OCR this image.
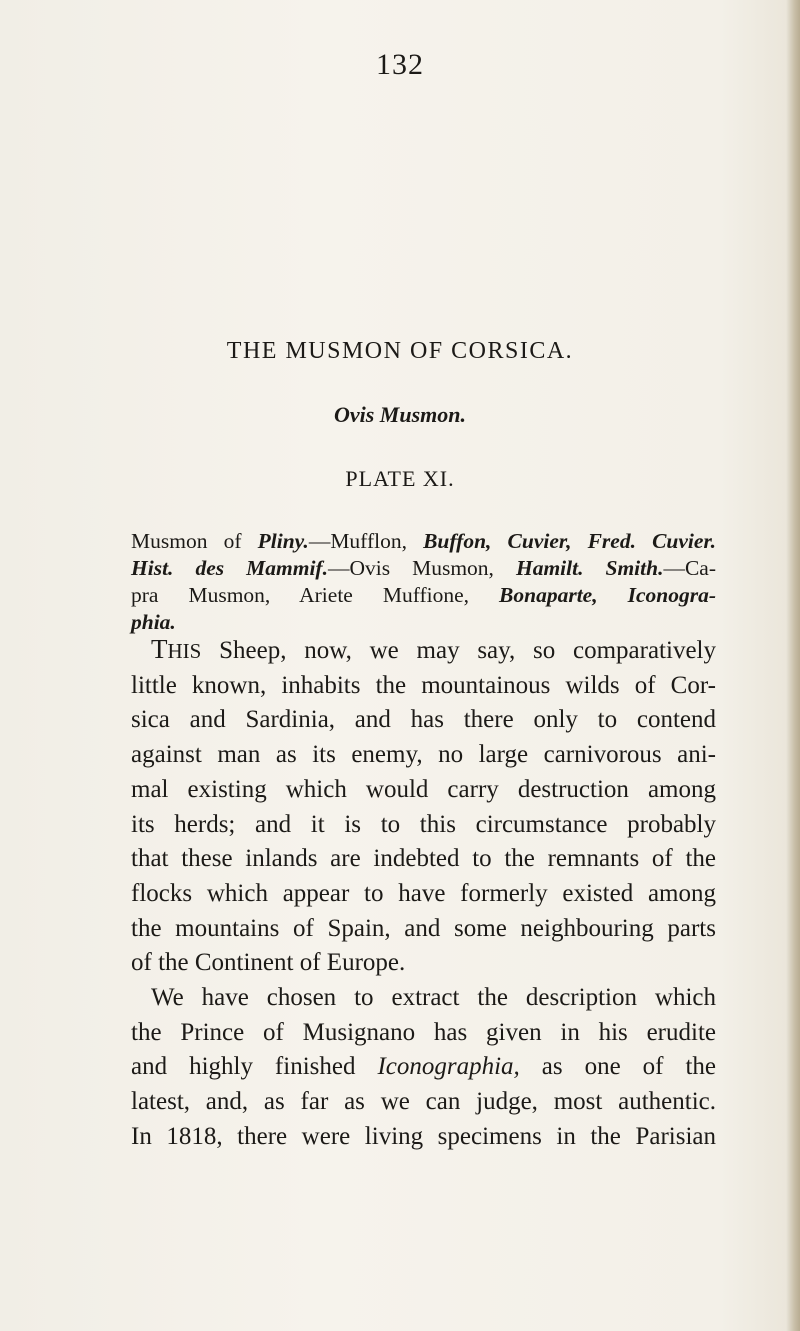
132
THE MUSMON OF CORSICA.
Ovis Musmon.
PLATE XI.
Musmon of Pliny.—Mufflon, Buffon, Cuvier, Fred. Cuvier.
Hist. des Mammif.—Ovis Musmon, Hamilt. Smith.—Ca-
pra Musmon, Ariete Muffione, Bonaparte, Iconogra-
phia.
THIS Sheep, now, we may say, so comparatively
little known, inhabits the mountainous wilds of Cor-
sica and Sardinia, and has there only to contend
against man as its enemy, no large carnivorous ani-
mal existing which would carry destruction among
its herds; and it is to this circumstance probably
that these inlands are indebted to the remnants of the
flocks which appear to have formerly existed among
the mountains of Spain, and some neighbouring parts
of the Continent of Europe.
We have chosen to extract the description which
the Prince of Musignano has given in his erudite
and highly finished Iconographia, as one of the
latest, and, as far as we can judge, most authentic.
In 1818, there were living specimens in the Parisian
